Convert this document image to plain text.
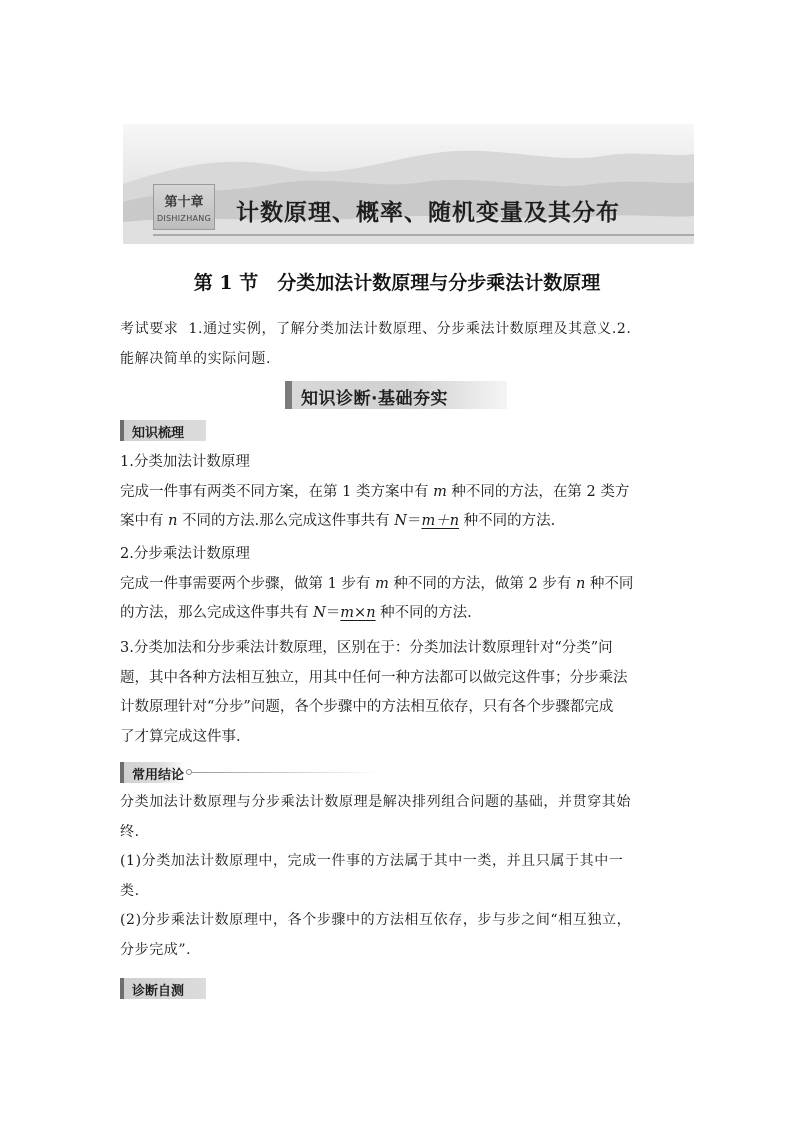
第十章
DISHIZHANG 计数原理、概率、随机变量及其分布
第 1 节　分类加法计数原理与分步乘法计数原理

考试要求 1.通过实例，了解分类加法计数原理、分步乘法计数原理及其意义.2.
能解决简单的实际问题.

知识诊断·基础夯实
知识梳理

1.分类加法计数原理
完成一件事有两类不同方案，在第 1 类方案中有 m 种不同的方法，在第 2 类方
案中有 n 不同的方法.那么完成这件事共有 N＝m＋n 种不同的方法.

2.分步乘法计数原理
完成一件事需要两个步骤，做第 1 步有 m 种不同的方法，做第 2 步有 n 种不同
的方法，那么完成这件事共有 N＝m×n 种不同的方法.

3.分类加法和分步乘法计数原理，区别在于：分类加法计数原理针对“分类”问
题，其中各种方法相互独立，用其中任何一种方法都可以做完这件事；分步乘法
计数原理针对“分步”问题，各个步骤中的方法相互依存，只有各个步骤都完成
了才算完成这件事.

常用结论

分类加法计数原理与分步乘法计数原理是解决排列组合问题的基础，并贯穿其始
终.
(1)分类加法计数原理中，完成一件事的方法属于其中一类，并且只属于其中一
类.
(2)分步乘法计数原理中，各个步骤中的方法相互依存，步与步之间“相互独立，
分步完成”.

诊断自测
